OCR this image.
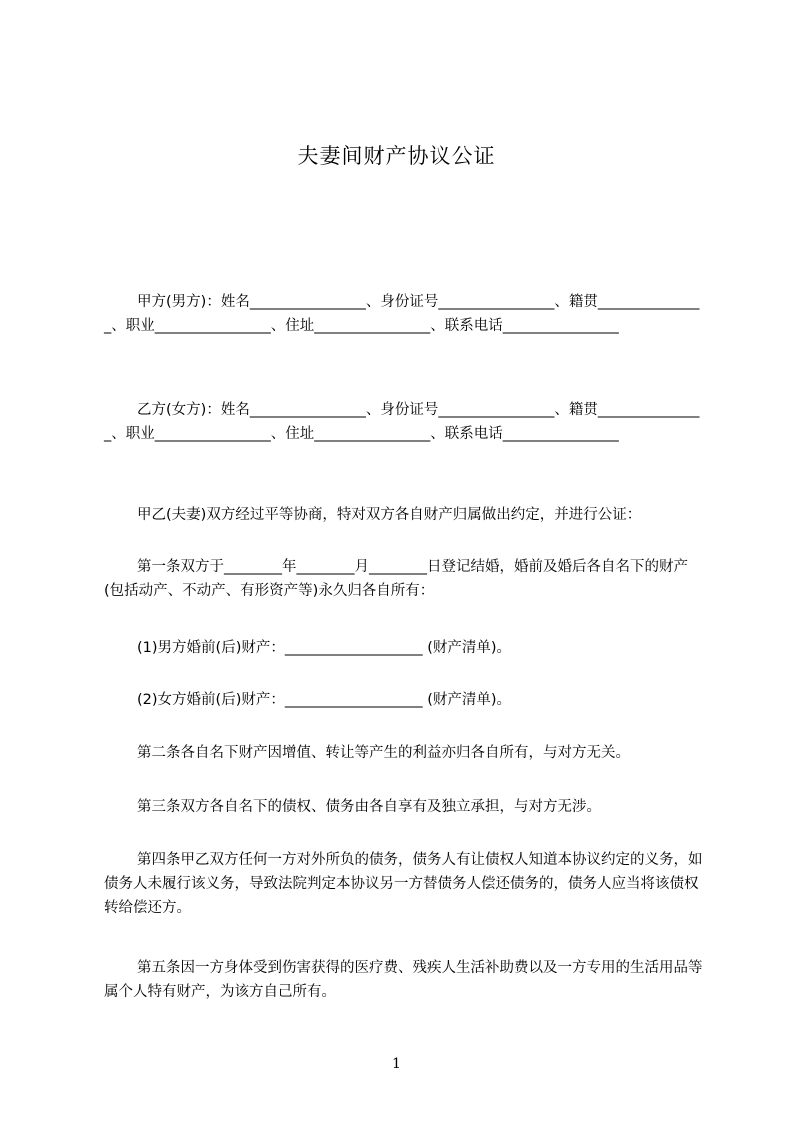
夫妻间财产协议公证
甲方(男方)：姓名________________、身份证号________________、籍贯_______________、职业________________、住址________________、联系电话________________
乙方(女方)：姓名________________、身份证号________________、籍贯_______________、职业________________、住址________________、联系电话________________
甲乙(夫妻)双方经过平等协商，特对双方各自财产归属做出约定，并进行公证：
第一条双方于________年________月________日登记结婚，婚前及婚后各自名下的财产(包括动产、不动产、有形资产等)永久归各自所有：
(1)男方婚前(后)财产：___________________ (财产清单)。
(2)女方婚前(后)财产：___________________ (财产清单)。
第二条各自名下财产因增值、转让等产生的利益亦归各自所有，与对方无关。
第三条双方各自名下的债权、债务由各自享有及独立承担，与对方无涉。
第四条甲乙双方任何一方对外所负的债务，债务人有让债权人知道本协议约定的义务，如债务人未履行该义务，导致法院判定本协议另一方替债务人偿还债务的，债务人应当将该债权转给偿还方。
第五条因一方身体受到伤害获得的医疗费、残疾人生活补助费以及一方专用的生活用品等属个人特有财产，为该方自己所有。
1
